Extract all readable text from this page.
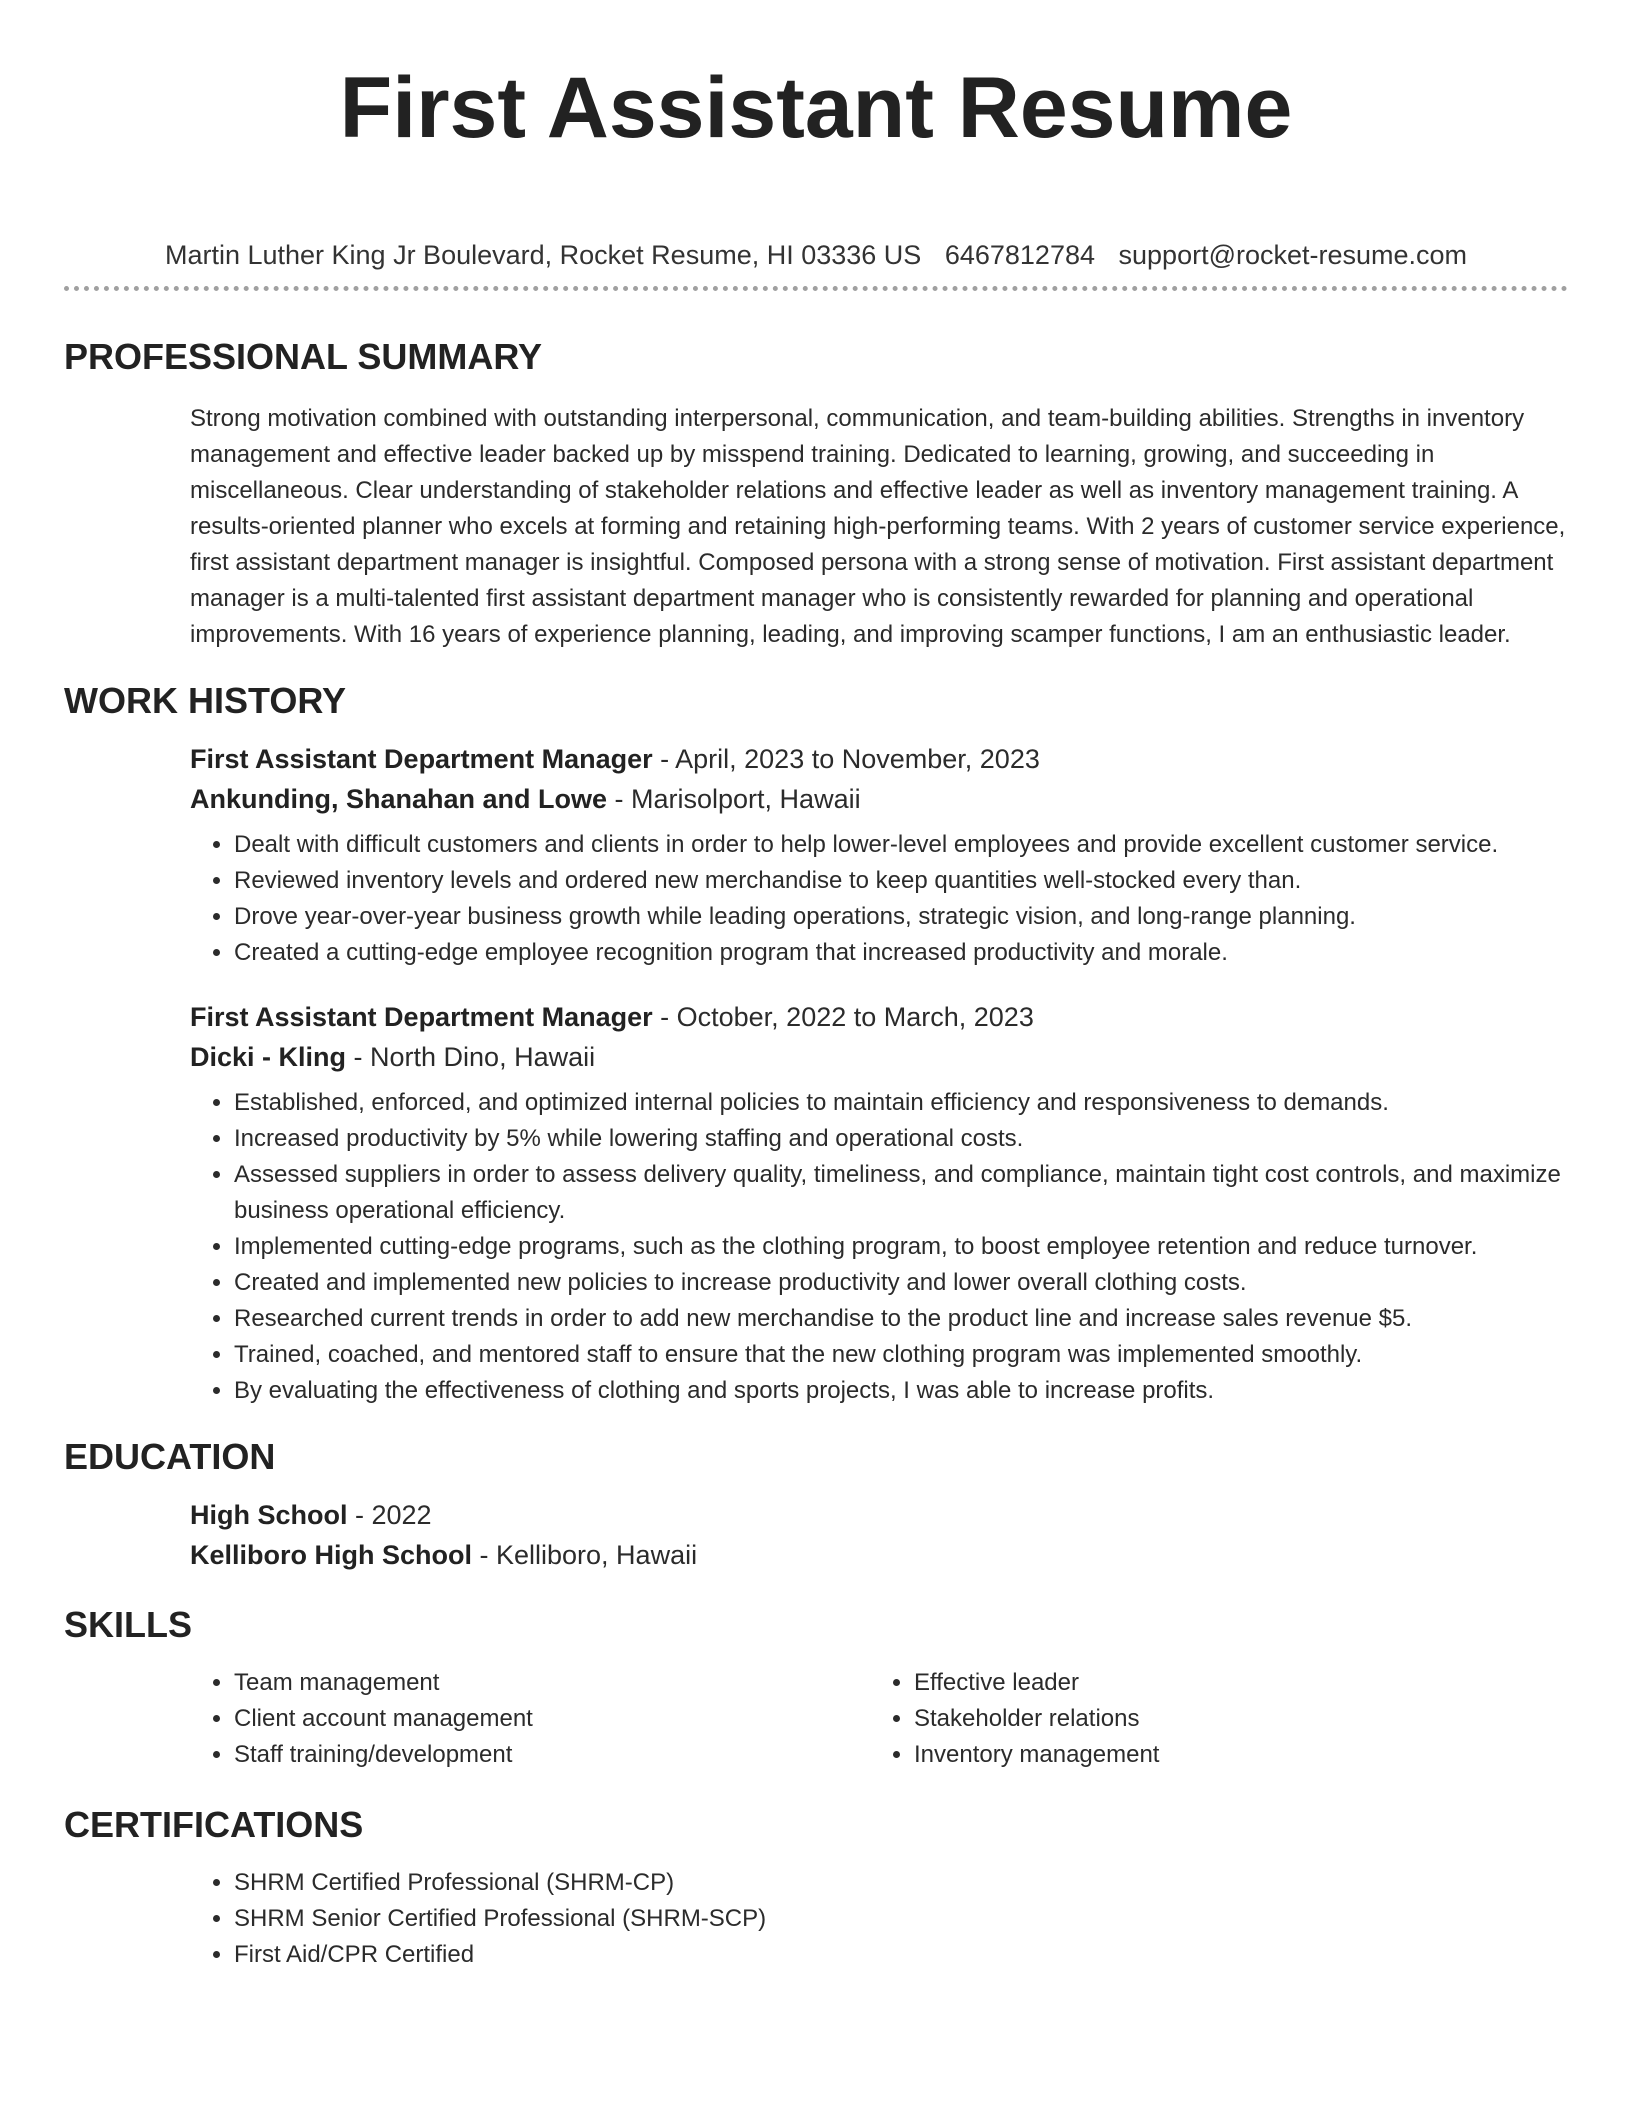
First Assistant Resume
Martin Luther King Jr Boulevard, Rocket Resume, HI 03336 US 6467812784 support@rocket-resume.com
PROFESSIONAL SUMMARY

Strong motivation combined with outstanding interpersonal, communication, and team-building abilities. Strengths in inventory management and effective leader backed up by misspend training. Dedicated to learning, growing, and succeeding in miscellaneous. Clear understanding of stakeholder relations and effective leader as well as inventory management training. A results-oriented planner who excels at forming and retaining high-performing teams. With 2 years of customer service experience, first assistant department manager is insightful. Composed persona with a strong sense of motivation. First assistant department manager is a multi-talented first assistant department manager who is consistently rewarded for planning and operational improvements. With 16 years of experience planning, leading, and improving scamper functions, I am an enthusiastic leader.

WORK HISTORY

First Assistant Department Manager - April, 2023 to November, 2023

Ankunding, Shanahan and Lowe - Marisolport, Hawaii

• Dealt with difficult customers and clients in order to help lower-level employees and provide excellent customer service.
• Reviewed inventory levels and ordered new merchandise to keep quantities well-stocked every than.
• Drove year-over-year business growth while leading operations, strategic vision, and long-range planning.
• Created a cutting-edge employee recognition program that increased productivity and morale.

First Assistant Department Manager - October, 2022 to March, 2023

Dicki - Kling - North Dino, Hawaii

• Established, enforced, and optimized internal policies to maintain efficiency and responsiveness to demands.
• Increased productivity by 5% while lowering staffing and operational costs.
• Assessed suppliers in order to assess delivery quality, timeliness, and compliance, maintain tight cost controls, and maximize business operational efficiency.
• Implemented cutting-edge programs, such as the clothing program, to boost employee retention and reduce turnover.
• Created and implemented new policies to increase productivity and lower overall clothing costs.
• Researched current trends in order to add new merchandise to the product line and increase sales revenue $5.
• Trained, coached, and mentored staff to ensure that the new clothing program was implemented smoothly.
• By evaluating the effectiveness of clothing and sports projects, I was able to increase profits.
EDUCATION

High School - 2022

Kelliboro High School - Kelliboro, Hawaii

SKILLS
• Team management
• Client account management
• Staff training/development
• Effective leader
• Stakeholder relations
• Inventory management
CERTIFICATIONS
• SHRM Certified Professional (SHRM-CP)
• SHRM Senior Certified Professional (SHRM-SCP)
• First Aid/CPR Certified
